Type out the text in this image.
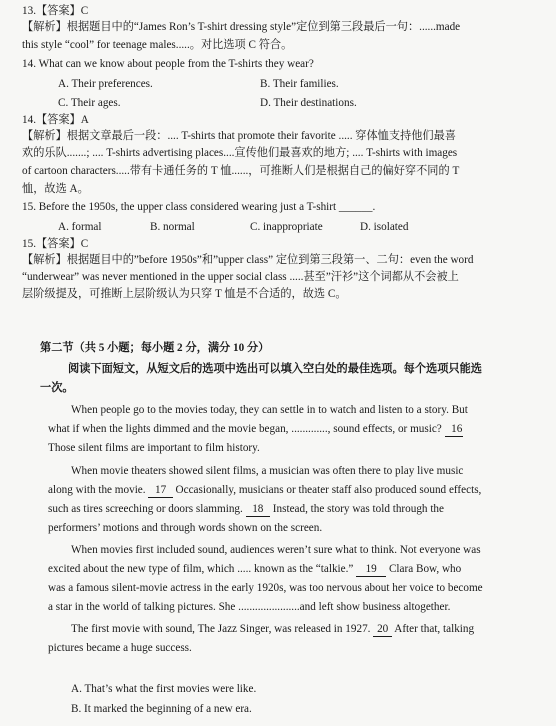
13.【答案】C
【解析】根据题目中的“James Ron’s T-shirt dressing style”定位到第三段最后一句：......made
this style “cool” for teenage males.....。对比选项 C 符合。
14. What can we know about people from the T-shirts they wear?
A. Their preferences.	B. Their families.
C. Their ages.	D. Their destinations.
14.【答案】A
【解析】根据文章最后一段：.... T-shirts that promote their favorite ..... 穿体恤支持他们最喜
欢的乐队.......; .... T-shirts advertising places....宣传他们最喜欢的地方; .... T-shirts with images
of cartoon characters.....带有卡通任务的 T 恤......，可推断人们是根据自己的偏好穿不同的 T
恤，故选 A。
15. Before the 1950s, the upper class considered wearing just a T-shirt ______.
A. formal	B. normal	C. inappropriate	D. isolated
15.【答案】C
【解析】根据题目中的”before 1950s”和”upper class” 定位到第三段第一、二句：even the word
“underwear” was never mentioned in the upper social class .....甚至”汗衫”这个词都从不会被上
层阶级提及，可推断上层阶级认为只穿 T 恤是不合适的，故选 C。
第二节（共 5 小题；每小题 2 分，满分 10 分）
阅读下面短文，从短文后的选项中选出可以填入空白处的最佳选项。每个选项只能选
一次。
When people go to the movies today, they can settle in to watch and listen to a story. But
what if when the lights dimmed and the movie began, ............., sound effects, or music? 16
Those silent films are important to film history.
When movie theaters showed silent films, a musician was often there to play live music
along with the movie. 17 Occasionally, musicians or theater staff also produced sound effects,
such as tires screeching or doors slamming. 18 Instead, the story was told through the
performers’ motions and through words shown on the screen.
When movies first included sound, audiences weren’t sure what to think. Not everyone was
excited about the new type of film, which ..... known as the “talkie.” 19 Clara Bow, who
was a famous silent-movie actress in the early 1920s, was too nervous about her voice to become
a star in the world of talking pictures. She ......................and left show business altogether.
The first movie with sound, The Jazz Singer, was released in 1927. 20 After that, talking
pictures became a huge success.
A. That’s what the first movies were like.
B. It marked the beginning of a new era.
